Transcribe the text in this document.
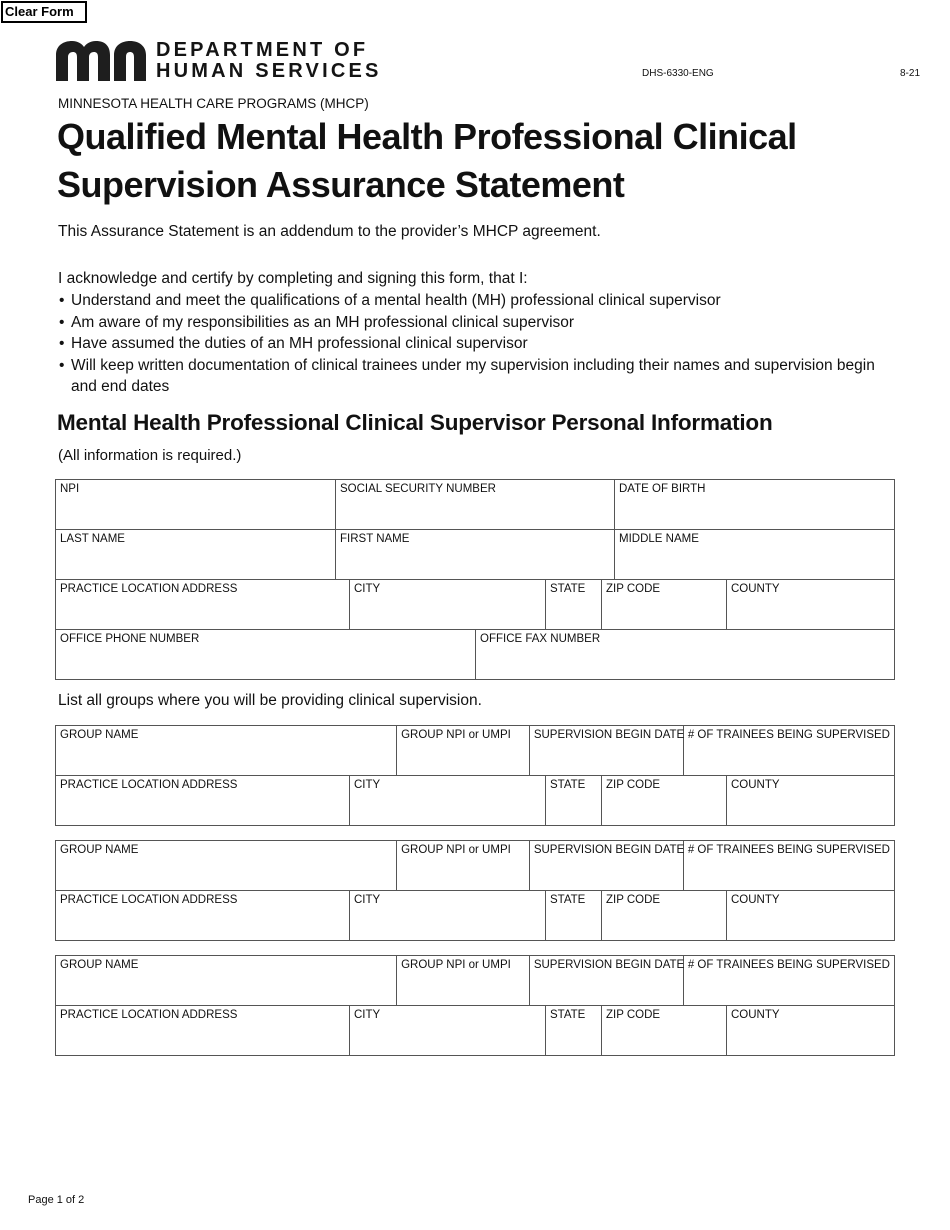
Clear Form
DEPARTMENT OF
HUMAN SERVICES	DHS-6330-ENG	8-21
MINNESOTA HEALTH CARE PROGRAMS (MHCP)
Qualified Mental Health Professional Clinical Supervision Assurance Statement
This Assurance Statement is an addendum to the provider’s MHCP agreement.
I acknowledge and certify by completing and signing this form, that I:
• Understand and meet the qualifications of a mental health (MH) professional clinical supervisor
• Am aware of my responsibilities as an MH professional clinical supervisor
• Have assumed the duties of an MH professional clinical supervisor
• Will keep written documentation of clinical trainees under my supervision including their names and supervision begin and end dates
Mental Health Professional Clinical Supervisor Personal Information
(All information is required.)
NPI	SOCIAL SECURITY NUMBER	DATE OF BIRTH
LAST NAME	FIRST NAME	MIDDLE NAME
PRACTICE LOCATION ADDRESS	CITY	STATE	ZIP CODE	COUNTY
OFFICE PHONE NUMBER	OFFICE FAX NUMBER
List all groups where you will be providing clinical supervision.
GROUP NAME	GROUP NPI or UMPI	SUPERVISION BEGIN DATE # OF TRAINEES BEING SUPERVISED
PRACTICE LOCATION ADDRESS	CITY	STATE	ZIP CODE	COUNTY
GROUP NAME	GROUP NPI or UMPI	SUPERVISION BEGIN DATE # OF TRAINEES BEING SUPERVISED
PRACTICE LOCATION ADDRESS	CITY	STATE	ZIP CODE	COUNTY
GROUP NAME	GROUP NPI or UMPI	SUPERVISION BEGIN DATE # OF TRAINEES BEING SUPERVISED
PRACTICE LOCATION ADDRESS	CITY	STATE	ZIP CODE	COUNTY
Page 1 of 2
